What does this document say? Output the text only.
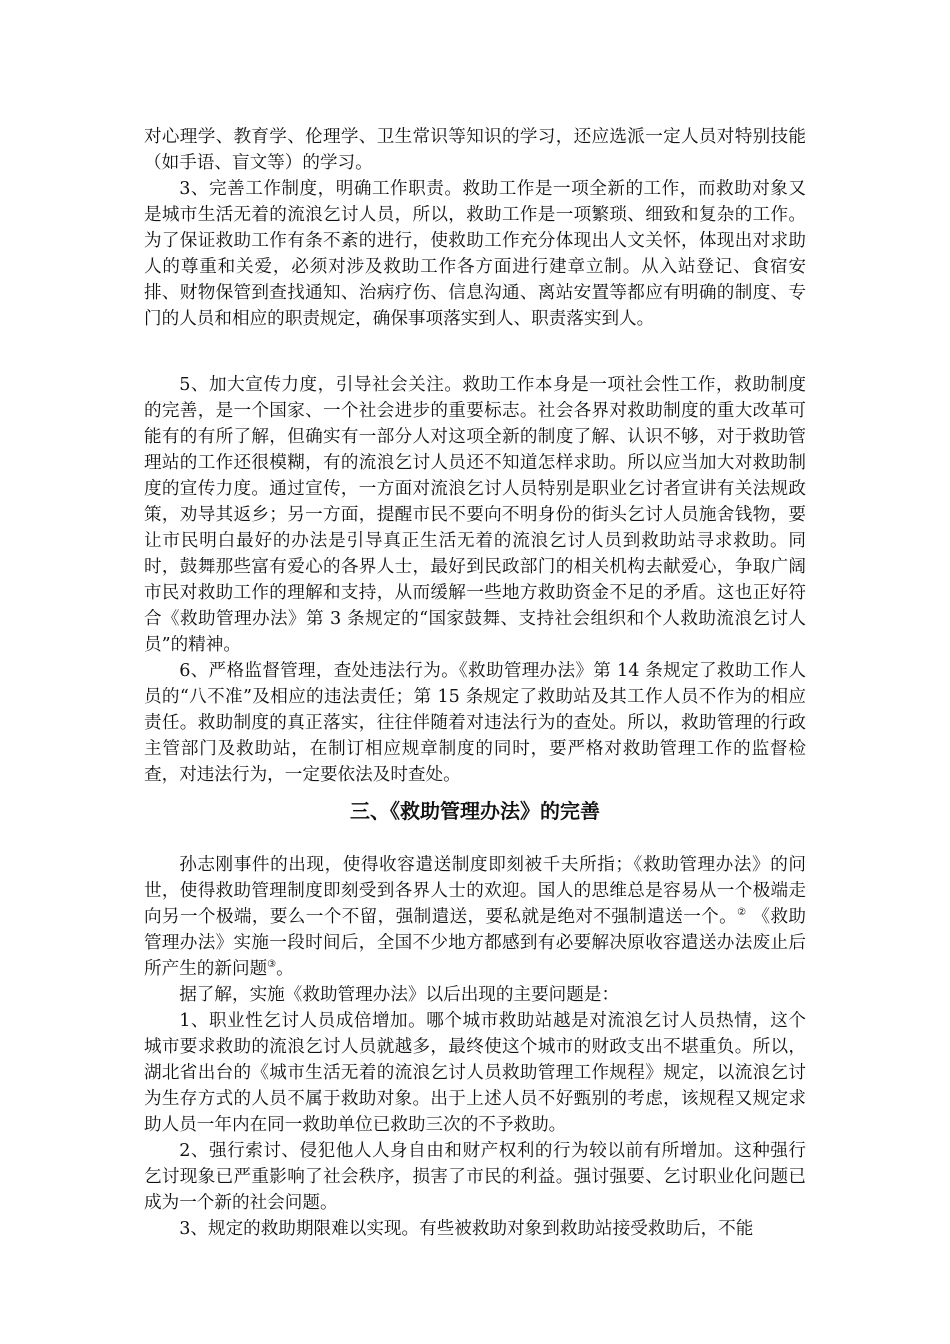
对心理学、教育学、伦理学、卫生常识等知识的学习，还应选派一定人员对特别技能（如手语、盲文等）的学习。

3、完善工作制度，明确工作职责。救助工作是一项全新的工作，而救助对象又是城市生活无着的流浪乞讨人员，所以，救助工作是一项繁琐、细致和复杂的工作。为了保证救助工作有条不紊的进行，使救助工作充分体现出人文关怀，体现出对求助人的尊重和关爱，必须对涉及救助工作各方面进行建章立制。从入站登记、食宿安排、财物保管到查找通知、治病疗伤、信息沟通、离站安置等都应有明确的制度、专门的人员和相应的职责规定，确保事项落实到人、职责落实到人。

5、加大宣传力度，引导社会关注。救助工作本身是一项社会性工作，救助制度的完善，是一个国家、一个社会进步的重要标志。社会各界对救助制度的重大改革可能有的有所了解，但确实有一部分人对这项全新的制度了解、认识不够，对于救助管理站的工作还很模糊，有的流浪乞讨人员还不知道怎样求助。所以应当加大对救助制度的宣传力度。通过宣传，一方面对流浪乞讨人员特别是职业乞讨者宣讲有关法规政策，劝导其返乡；另一方面，提醒市民不要向不明身份的街头乞讨人员施舍钱物，要让市民明白最好的办法是引导真正生活无着的流浪乞讨人员到救助站寻求救助。同时，鼓舞那些富有爱心的各界人士，最好到民政部门的相关机构去献爱心，争取广阔市民对救助工作的理解和支持，从而缓解一些地方救助资金不足的矛盾。这也正好符合《救助管理办法》第 3 条规定的“国家鼓舞、支持社会组织和个人救助流浪乞讨人员”的精神。

6、严格监督管理，查处违法行为。《救助管理办法》第 14 条规定了救助工作人员的“八不准”及相应的违法责任；第 15 条规定了救助站及其工作人员不作为的相应责任。救助制度的真正落实，往往伴随着对违法行为的查处。所以，救助管理的行政主管部门及救助站，在制订相应规章制度的同时，要严格对救助管理工作的监督检查，对违法行为，一定要依法及时查处。

三、《救助管理办法》的完善

孙志刚事件的出现，使得收容遣送制度即刻被千夫所指；《救助管理办法》的问世，使得救助管理制度即刻受到各界人士的欢迎。国人的思维总是容易从一个极端走向另一个极端，要么一个不留，强制遣送，要私就是绝对不强制遣送一个。② 《救助管理办法》实施一段时间后，全国不少地方都感到有必要解决原收容遣送办法废止后所产生的新问题③。

据了解，实施《救助管理办法》以后出现的主要问题是：

1、职业性乞讨人员成倍增加。哪个城市救助站越是对流浪乞讨人员热情，这个城市要求救助的流浪乞讨人员就越多，最终使这个城市的财政支出不堪重负。所以，湖北省出台的《城市生活无着的流浪乞讨人员救助管理工作规程》规定，以流浪乞讨为生存方式的人员不属于救助对象。出于上述人员不好甄别的考虑，该规程又规定求助人员一年内在同一救助单位已救助三次的不予救助。

2、强行索讨、侵犯他人人身自由和财产权利的行为较以前有所增加。这种强行乞讨现象已严重影响了社会秩序，损害了市民的利益。强讨强要、乞讨职业化问题已成为一个新的社会问题。

3、规定的救助期限难以实现。有些被救助对象到救助站接受救助后，不能
